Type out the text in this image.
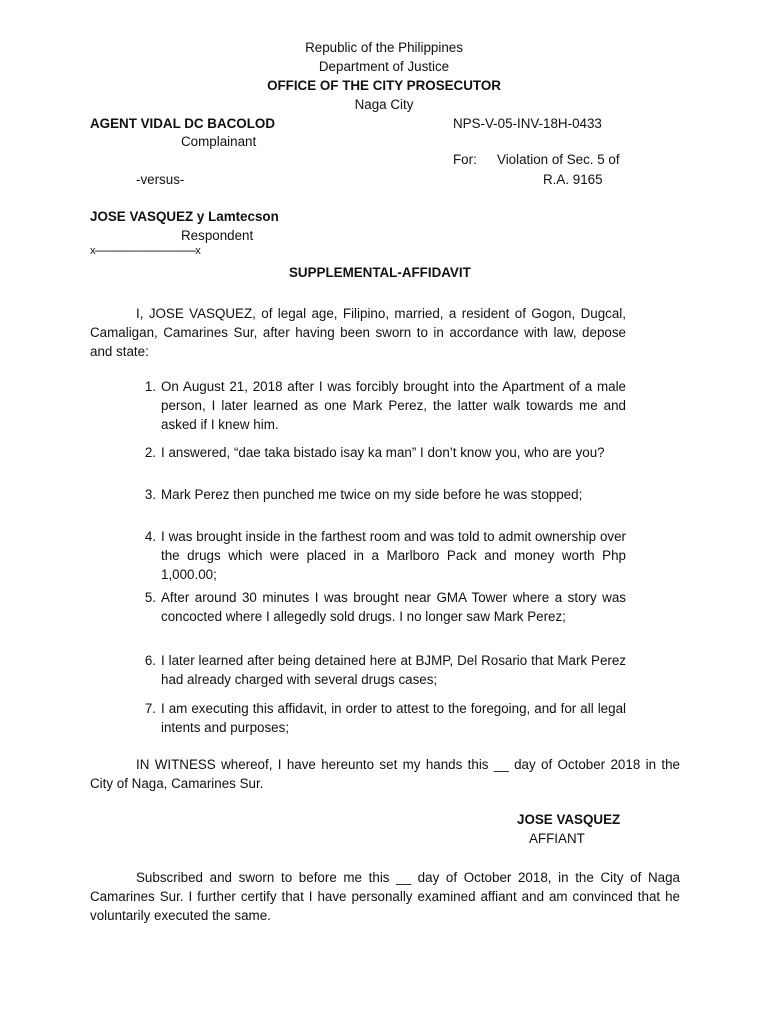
Republic of the Philippines
Department of Justice
OFFICE OF THE CITY PROSECUTOR
Naga City
AGENT VIDAL DC BACOLOD
Complainant
NPS-V-05-INV-18H-0433
For: Violation of Sec. 5 of
R.A. 9165
-versus-
JOSE VASQUEZ y Lamtecson
Respondent
x-----------------------------------------x
SUPPLEMENTAL-AFFIDAVIT
I, JOSE VASQUEZ, of legal age, Filipino, married, a resident of Gogon, Dugcal, Camaligan, Camarines Sur, after having been sworn to in accordance with law, depose and state:
1. On August 21, 2018 after I was forcibly brought into the Apartment of a male person, I later learned as one Mark Perez, the latter walk towards me and asked if I knew him.
2. I answered, “dae taka bistado isay ka man” I don’t know you, who are you?
3. Mark Perez then punched me twice on my side before he was stopped;
4. I was brought inside in the farthest room and was told to admit ownership over the drugs which were placed in a Marlboro Pack and money worth Php 1,000.00;
5. After around 30 minutes I was brought near GMA Tower where a story was concocted where I allegedly sold drugs. I no longer saw Mark Perez;
6. I later learned after being detained here at BJMP, Del Rosario that Mark Perez had already charged with several drugs cases;
7. I am executing this affidavit, in order to attest to the foregoing, and for all legal intents and purposes;
IN WITNESS whereof, I have hereunto set my hands this __ day of October 2018 in the City of Naga, Camarines Sur.
JOSE VASQUEZ
AFFIANT
Subscribed and sworn to before me this __ day of October 2018, in the City of Naga Camarines Sur. I further certify that I have personally examined affiant and am convinced that he voluntarily executed the same.
